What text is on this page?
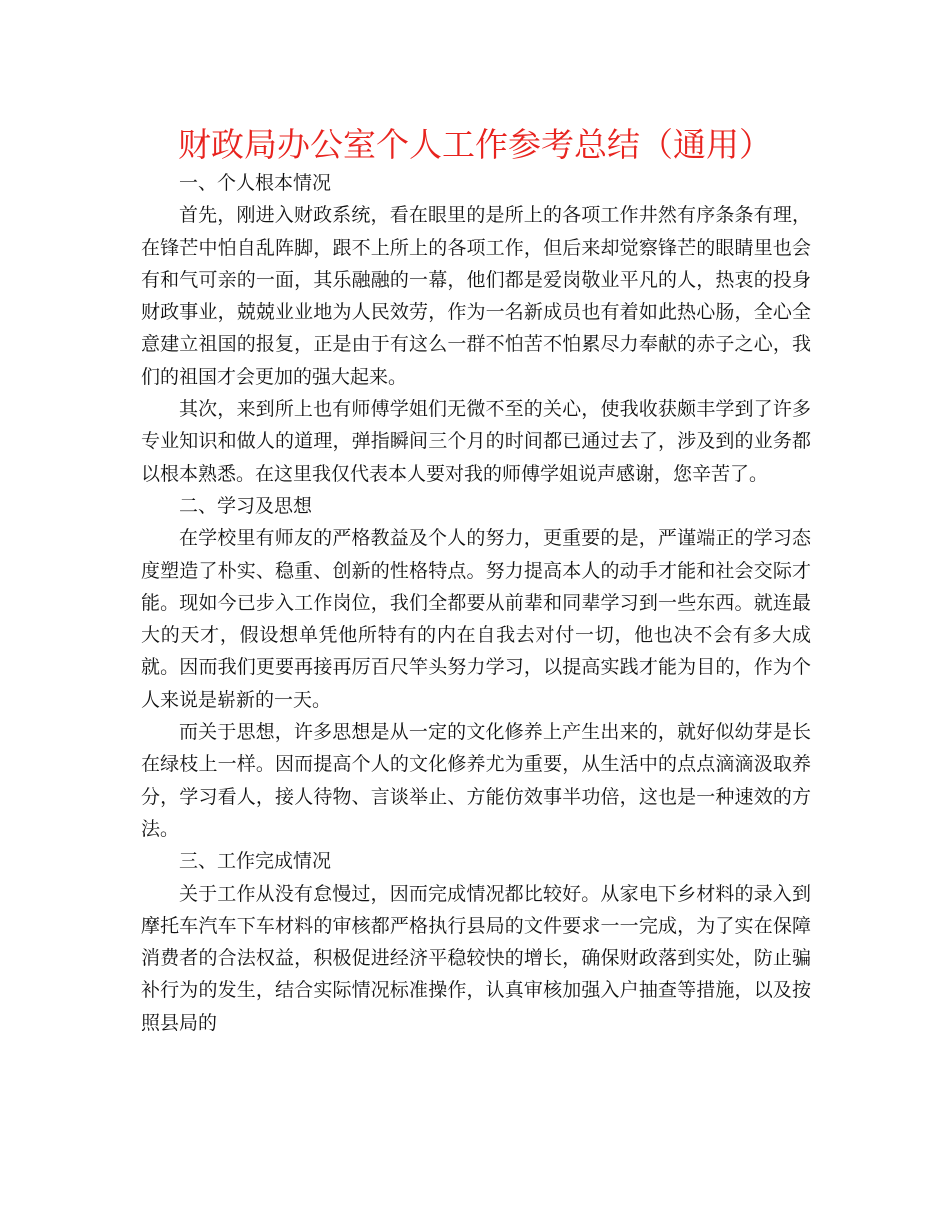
财政局办公室个人工作参考总结（通用）

一、个人根本情况

首先，刚进入财政系统，看在眼里的是所上的各项工作井然有序条条有理，在锋芒中怕自乱阵脚，跟不上所上的各项工作，但后来却觉察锋芒的眼睛里也会有和气可亲的一面，其乐融融的一幕，他们都是爱岗敬业平凡的人，热衷的投身财政事业，兢兢业业地为人民效劳，作为一名新成员也有着如此热心肠，全心全意建立祖国的报复，正是由于有这么一群不怕苦不怕累尽力奉献的赤子之心，我们的祖国才会更加的强大起来。

其次，来到所上也有师傅学姐们无微不至的关心，使我收获颇丰学到了许多专业知识和做人的道理，弹指瞬间三个月的时间都已通过去了，涉及到的业务都以根本熟悉。在这里我仅代表本人要对我的师傅学姐说声感谢，您辛苦了。

二、学习及思想

在学校里有师友的严格教益及个人的努力，更重要的是，严谨端正的学习态度塑造了朴实、稳重、创新的性格特点。努力提高本人的动手才能和社会交际才能。现如今已步入工作岗位，我们全都要从前辈和同辈学习到一些东西。就连最大的天才，假设想单凭他所特有的内在自我去对付一切，他也决不会有多大成就。因而我们更要再接再厉百尺竿头努力学习，以提高实践才能为目的，作为个人来说是崭新的一天。

而关于思想，许多思想是从一定的文化修养上产生出来的，就好似幼芽是长在绿枝上一样。因而提高个人的文化修养尤为重要，从生活中的点点滴滴汲取养分，学习看人，接人待物、言谈举止、方能仿效事半功倍，这也是一种速效的方法。

三、工作完成情况

关于工作从没有怠慢过，因而完成情况都比较好。从家电下乡材料的录入到摩托车汽车下车材料的审核都严格执行县局的文件要求一一完成，为了实在保障消费者的合法权益，积极促进经济平稳较快的增长，确保财政落到实处，防止骗补行为的发生，结合实际情况标准操作，认真审核加强入户抽查等措施，以及按照县局的
